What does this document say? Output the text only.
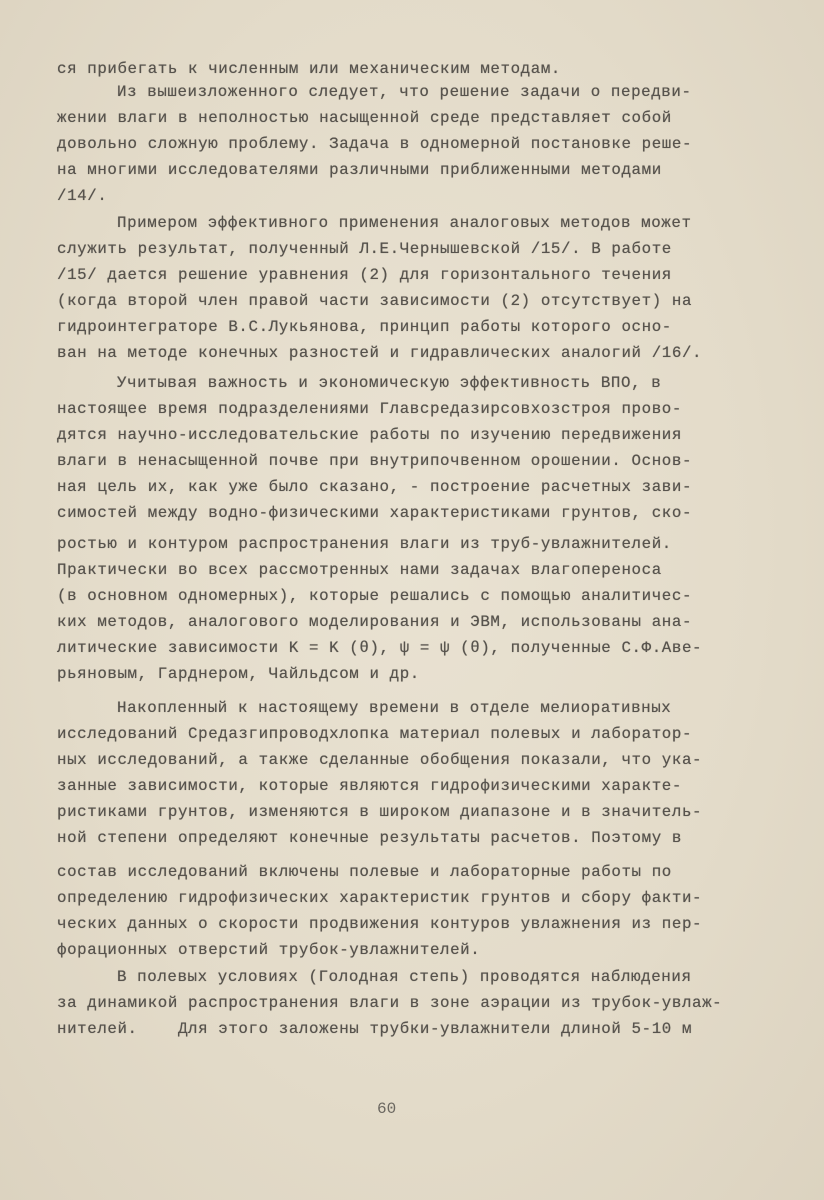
ся прибегать к численным или механическим методам.
Из вышеизложенного следует, что решение задачи о передви-
жении влаги в неполностью насыщенной среде представляет собой
довольно сложную проблему. Задача в одномерной постановке реше-
на многими исследователями различными приближенными методами
/14/.
Примером эффективного применения аналоговых методов может
служить результат, полученный Л.Е.Чернышевской /15/. В работе
/15/ дается решение уравнения (2) для горизонтального течения
(когда второй член правой части зависимости (2) отсутствует) на
гидроинтеграторе В.С.Лукьянова, принцип работы которого осно-
ван на методе конечных разностей и гидравлических аналогий /16/.
Учитывая важность и экономическую эффективность ВПО, в
настоящее время подразделениями Главсредазирсовхозстроя прово-
дятся научно-исследовательские работы по изучению передвижения
влаги в ненасыщенной почве при внутрипочвенном орошении. Основ-
ная цель их, как уже было сказано, - построение расчетных зави-
симостей между водно-физическими характеристиками грунтов, ско-
ростью и контуром распространения влаги из труб-увлажнителей.
Практически во всех рассмотренных нами задачах влагопереноса
(в основном одномерных), которые решались с помощью аналитичес-
ких методов, аналогового моделирования и ЭВМ, использованы ана-
литические зависимости K = K (θ), ψ = ψ (θ), полученные С.Ф.Аве-
рьяновым, Гарднером, Чайльдсом и др.
Накопленный к настоящему времени в отделе мелиоративных
исследований Средазгипроводхлопка материал полевых и лаборатор-
ных исследований, а также сделанные обобщения показали, что ука-
занные зависимости, которые являются гидрофизическими характе-
ристиками грунтов, изменяются в широком диапазоне и в значитель-
ной степени определяют конечные результаты расчетов. Поэтому в
состав исследований включены полевые и лабораторные работы по
определению гидрофизических характеристик грунтов и сбору факти-
ческих данных о скорости продвижения контуров увлажнения из пер-
форационных отверстий трубок-увлажнителей.
В полевых условиях (Голодная степь) проводятся наблюдения
за динамикой распространения влаги в зоне аэрации из трубок-увлаж-
нителей.    Для этого заложены трубки-увлажнители длиной 5-10 м
60
